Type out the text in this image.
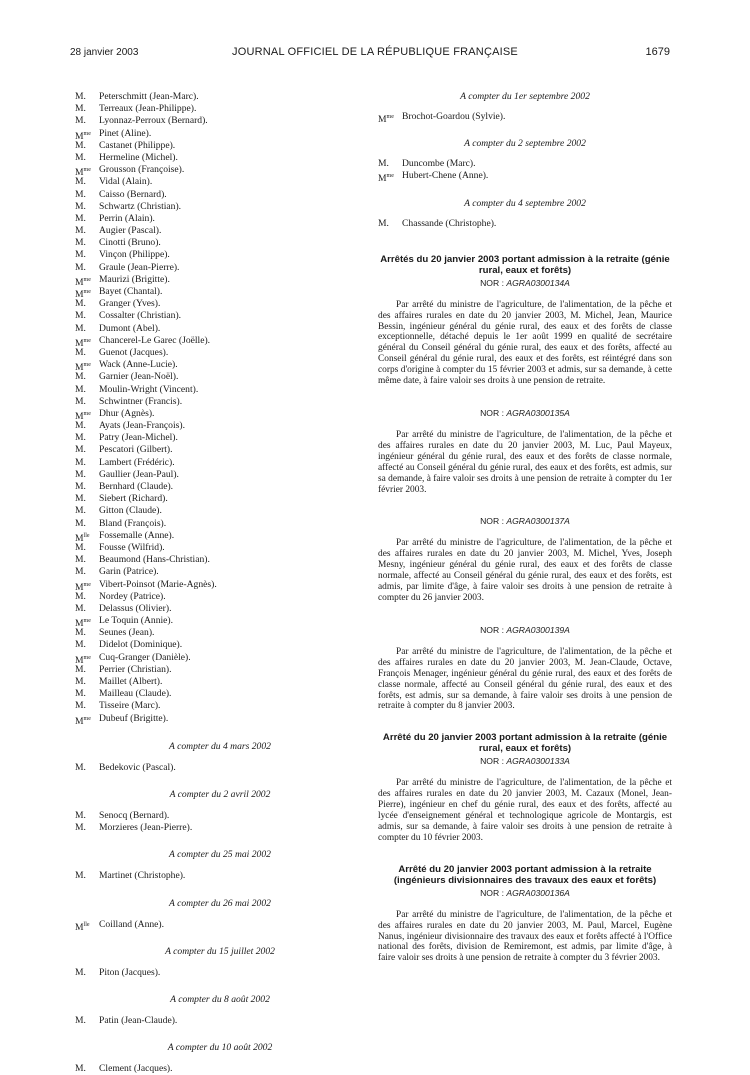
28 janvier 2003	JOURNAL OFFICIEL DE LA RÉPUBLIQUE FRANÇAISE	1679
M.	Peterschmitt (Jean-Marc).
M.	Terreaux (Jean-Philippe).
M.	Lyonnaz-Perroux (Bernard).
$M^{me}$ Pinet (Aline).
M.	Castanet (Philippe).
M.	Hermeline (Michel).
$M^{me}$ Grousson (Françoise).
M.	Vidal (Alain).
M.	Caisso (Bernard).
M.	Schwartz (Christian).
M.	Perrin (Alain).
M.	Augier (Pascal).
M.	Cinotti (Bruno).
M.	Vinçon (Philippe).
M.	Graule (Jean-Pierre).
$M^{me}$ Maurizi (Brigitte).
$M^{me}$ Bayet (Chantal).
M.	Granger (Yves).
M.	Cossalter (Christian).
M.	Dumont (Abel).
$M^{me}$ Chancerel-Le Garec (Joëlle).
M.	Guenot (Jacques).
$M^{me}$ Wack (Anne-Lucie).
M.	Garnier (Jean-Noël).
M.	Moulin-Wright (Vincent).
M.	Schwintner (Francis).
$M^{me}$ Dhur (Agnès).
M.	Ayats (Jean-François).
M.	Patry (Jean-Michel).
M.	Pescatori (Gilbert).
M.	Lambert (Frédéric).
M.	Gaullier (Jean-Paul).
M.	Bernhard (Claude).
M.	Siebert (Richard).
M.	Gitton (Claude).
M.	Bland (François).
$M^{lle}$ Fossemalle (Anne).
M.	Fousse (Wilfrid).
M.	Beaumond (Hans-Christian).
M.	Garin (Patrice).
$M^{me}$ Vibert-Poinsot (Marie-Agnès).
M.	Nordey (Patrice).
M.	Delassus (Olivier).
$M^{me}$ Le Toquin (Annie).
M.	Seunes (Jean).
M.	Didelot (Dominique).
$M^{me}$ Cuq-Granger (Danièle).
M.	Perrier (Christian).
M.	Maillet (Albert).
M.	Mailleau (Claude).
M.	Tisseire (Marc).
$M^{me}$ Dubeuf (Brigitte).
A compter du 4 mars 2002
M.	Bedekovic (Pascal).
A compter du 2 avril 2002
M.	Senocq (Bernard).
M.	Morzieres (Jean-Pierre).
A compter du 25 mai 2002
M.	Martinet (Christophe).
A compter du 26 mai 2002
$M^{lle}$ Coilland (Anne).
A compter du 15 juillet 2002
M.	Piton (Jacques).
A compter du 8 août 2002
M.	Patin (Jean-Claude).
A compter du 10 août 2002
M.	Clement (Jacques).
A compter du 1er septembre 2002
$M^{me}$ Brochot-Goardou (Sylvie).
A compter du 2 septembre 2002
M.	Duncombe (Marc).
$M^{me}$ Hubert-Chene (Anne).
A compter du 4 septembre 2002
M.	Chassande (Christophe).
Arrêtés du 20 janvier 2003 portant admission à la retraite (génie rural, eaux et forêts)
NOR : AGRA0300134A

Par arrêté du ministre de l'agriculture, de l'alimentation, de la pêche et des affaires rurales en date du 20 janvier 2003, M. Michel, Jean, Maurice Bessin, ingénieur général du génie rural, des eaux et des forêts de classe exceptionnelle, détaché depuis le 1er août 1999 en qualité de secrétaire général du Conseil général du génie rural, des eaux et des forêts, affecté au Conseil général du génie rural, des eaux et des forêts, est réintégré dans son corps d'origine à compter du 15 février 2003 et admis, sur sa demande, à cette même date, à faire valoir ses droits à une pension de retraite.

NOR : AGRA0300135A

Par arrêté du ministre de l'agriculture, de l'alimentation, de la pêche et des affaires rurales en date du 20 janvier 2003, M. Luc, Paul Mayeux, ingénieur général du génie rural, des eaux et des forêts de classe normale, affecté au Conseil général du génie rural, des eaux et des forêts, est admis, sur sa demande, à faire valoir ses droits à une pension de retraite à compter du 1er février 2003.

NOR : AGRA0300137A

Par arrêté du ministre de l'agriculture, de l'alimentation, de la pêche et des affaires rurales en date du 20 janvier 2003, M. Michel, Yves, Joseph Mesny, ingénieur général du génie rural, des eaux et des forêts de classe normale, affecté au Conseil général du génie rural, des eaux et des forêts, est admis, par limite d'âge, à faire valoir ses droits à une pension de retraite à compter du 26 janvier 2003.

NOR : AGRA0300139A

Par arrêté du ministre de l'agriculture, de l'alimentation, de la pêche et des affaires rurales en date du 20 janvier 2003, M. Jean-Claude, Octave, François Menager, ingénieur général du génie rural, des eaux et des forêts de classe normale, affecté au Conseil général du génie rural, des eaux et des forêts, est admis, sur sa demande, à faire valoir ses droits à une pension de retraite à compter du 8 janvier 2003.

Arrêté du 20 janvier 2003 portant admission à la retraite (génie rural, eaux et forêts)
NOR : AGRA0300133A

Par arrêté du ministre de l'agriculture, de l'alimentation, de la pêche et des affaires rurales en date du 20 janvier 2003, M. Cazaux (Monel, Jean-Pierre), ingénieur en chef du génie rural, des eaux et des forêts, affecté au lycée d'enseignement général et technologique agricole de Montargis, est admis, sur sa demande, à faire valoir ses droits à une pension de retraite à compter du 10 février 2003.

Arrêté du 20 janvier 2003 portant admission à la retraite (ingénieurs divisionnaires des travaux des eaux et forêts)
NOR : AGRA0300136A

Par arrêté du ministre de l'agriculture, de l'alimentation, de la pêche et des affaires rurales en date du 20 janvier 2003, M. Paul, Marcel, Eugène Nanus, ingénieur divisionnaire des travaux des eaux et forêts affecté à l'Office national des forêts, division de Remiremont, est admis, par limite d'âge, à faire valoir ses droits à une pension de retraite à compter du 3 février 2003.
